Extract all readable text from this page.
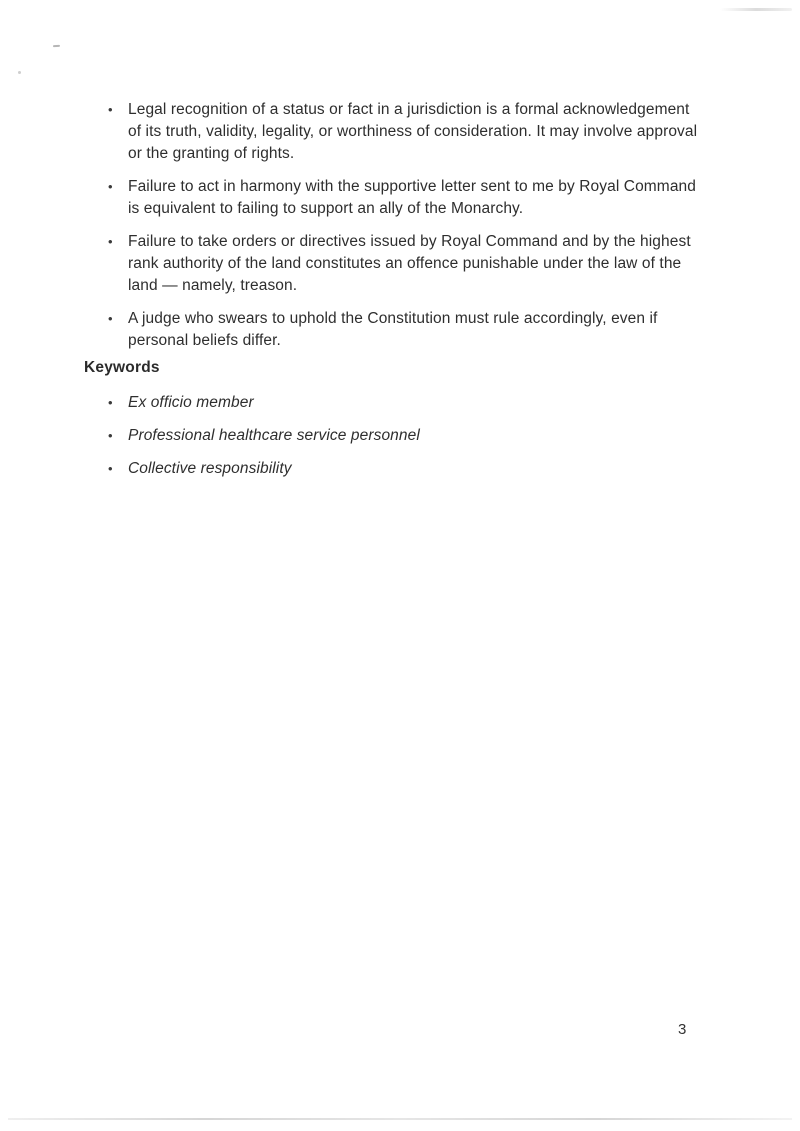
• Legal recognition of a status or fact in a jurisdiction is a formal acknowledgement of its truth, validity, legality, or worthiness of consideration. It may involve approval or the granting of rights.
• Failure to act in harmony with the supportive letter sent to me by Royal Command is equivalent to failing to support an ally of the Monarchy.
• Failure to take orders or directives issued by Royal Command and by the highest rank authority of the land constitutes an offence punishable under the law of the land — namely, treason.
• A judge who swears to uphold the Constitution must rule accordingly, even if personal beliefs differ.
Keywords
• Ex officio member
• Professional healthcare service personnel
• Collective responsibility
3
